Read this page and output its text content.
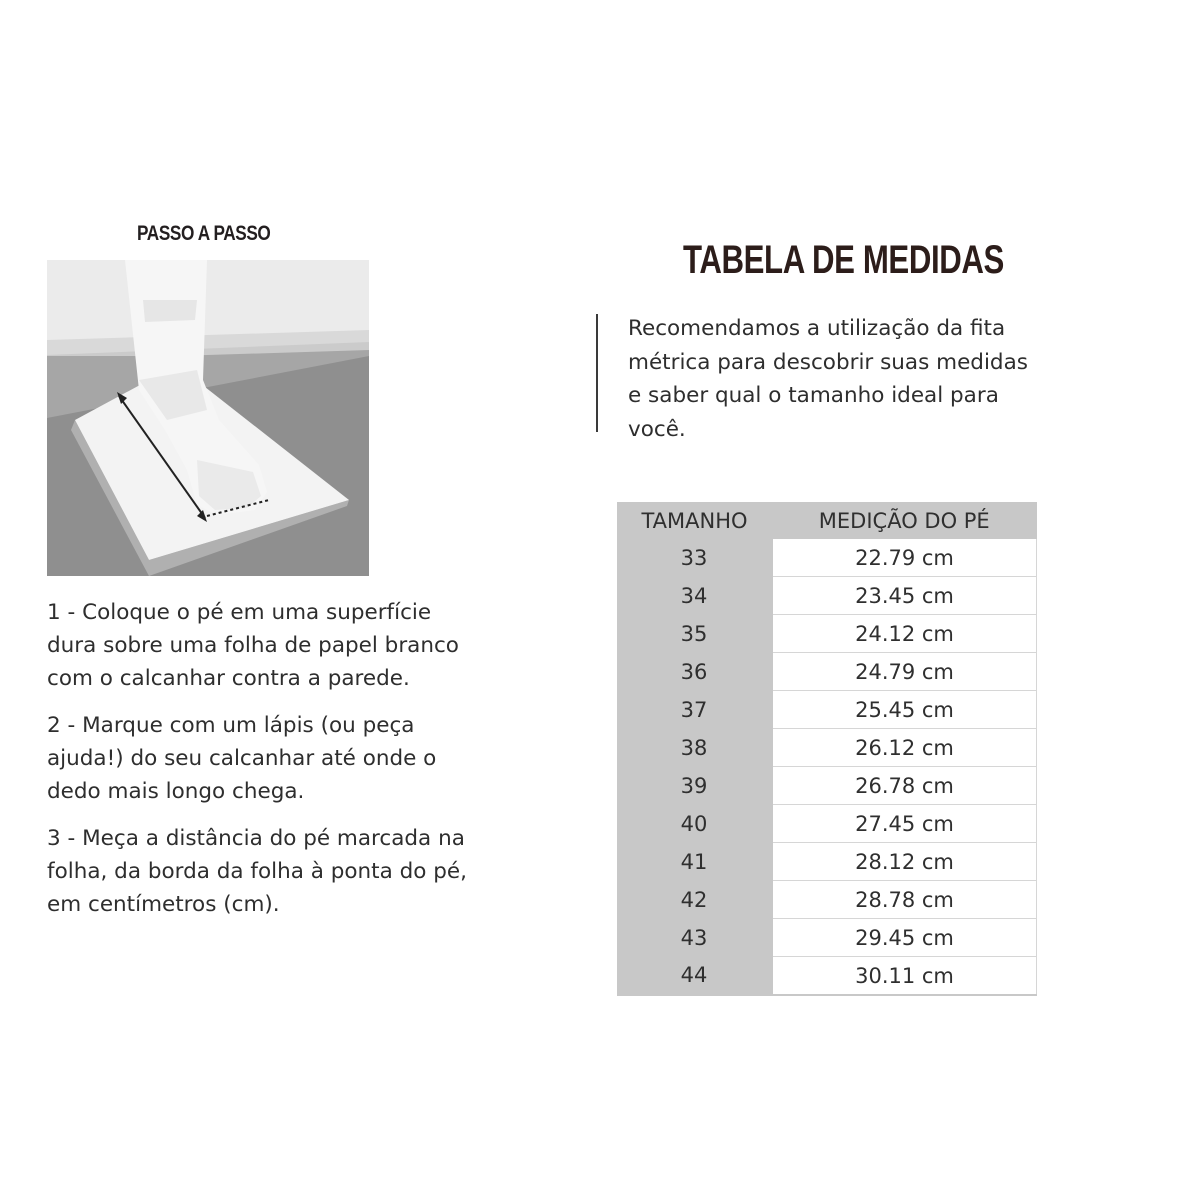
PASSO A PASSO

1 - Coloque o pé em uma superfície dura sobre uma folha de papel branco com o calcanhar contra a parede.

2 - Marque com um lápis (ou peça ajuda!) do seu calcanhar até onde o dedo mais longo chega.

3 - Meça a distância do pé marcada na folha, da borda da folha à ponta do pé, em centímetros (cm).

TABELA DE MEDIDAS
Recomendamos a utilização da fita métrica para descobrir suas medidas e saber qual o tamanho ideal para você.
TAMANHO	MEDIÇÃO DO PÉ
33	22.79 cm
34	23.45 cm
35	24.12 cm
36	24.79 cm
37	25.45 cm
38	26.12 cm
39	26.78 cm
40	27.45 cm
41	28.12 cm
42	28.78 cm
43	29.45 cm
44	30.11 cm
